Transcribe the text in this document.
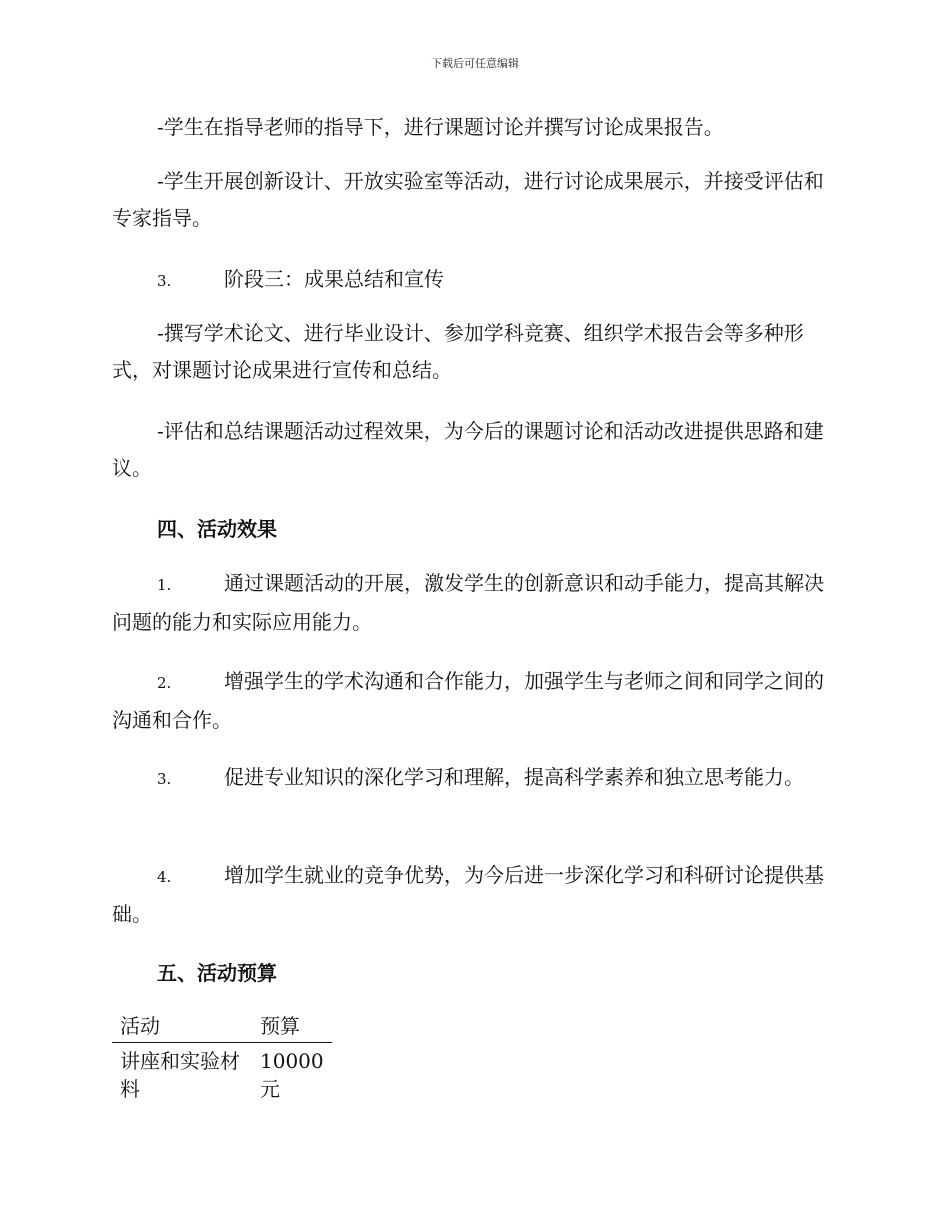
下载后可任意编辑
-学生在指导老师的指导下，进行课题讨论并撰写讨论成果报告。
-学生开展创新设计、开放实验室等活动，进行讨论成果展示，并接受评估和专家指导。
3.	阶段三：成果总结和宣传
-撰写学术论文、进行毕业设计、参加学科竞赛、组织学术报告会等多种形式，对课题讨论成果进行宣传和总结。
-评估和总结课题活动过程效果，为今后的课题讨论和活动改进提供思路和建议。
四、活动效果
1.	通过课题活动的开展，激发学生的创新意识和动手能力，提高其解决问题的能力和实际应用能力。
2.	增强学生的学术沟通和合作能力，加强学生与老师之间和同学之间的沟通和合作。
3.	促进专业知识的深化学习和理解，提高科学素养和独立思考能力。
4.	增加学生就业的竞争优势，为今后进一步深化学习和科研讨论提供基础。
五、活动预算
活动	预算
讲座和实验材料	10000元
